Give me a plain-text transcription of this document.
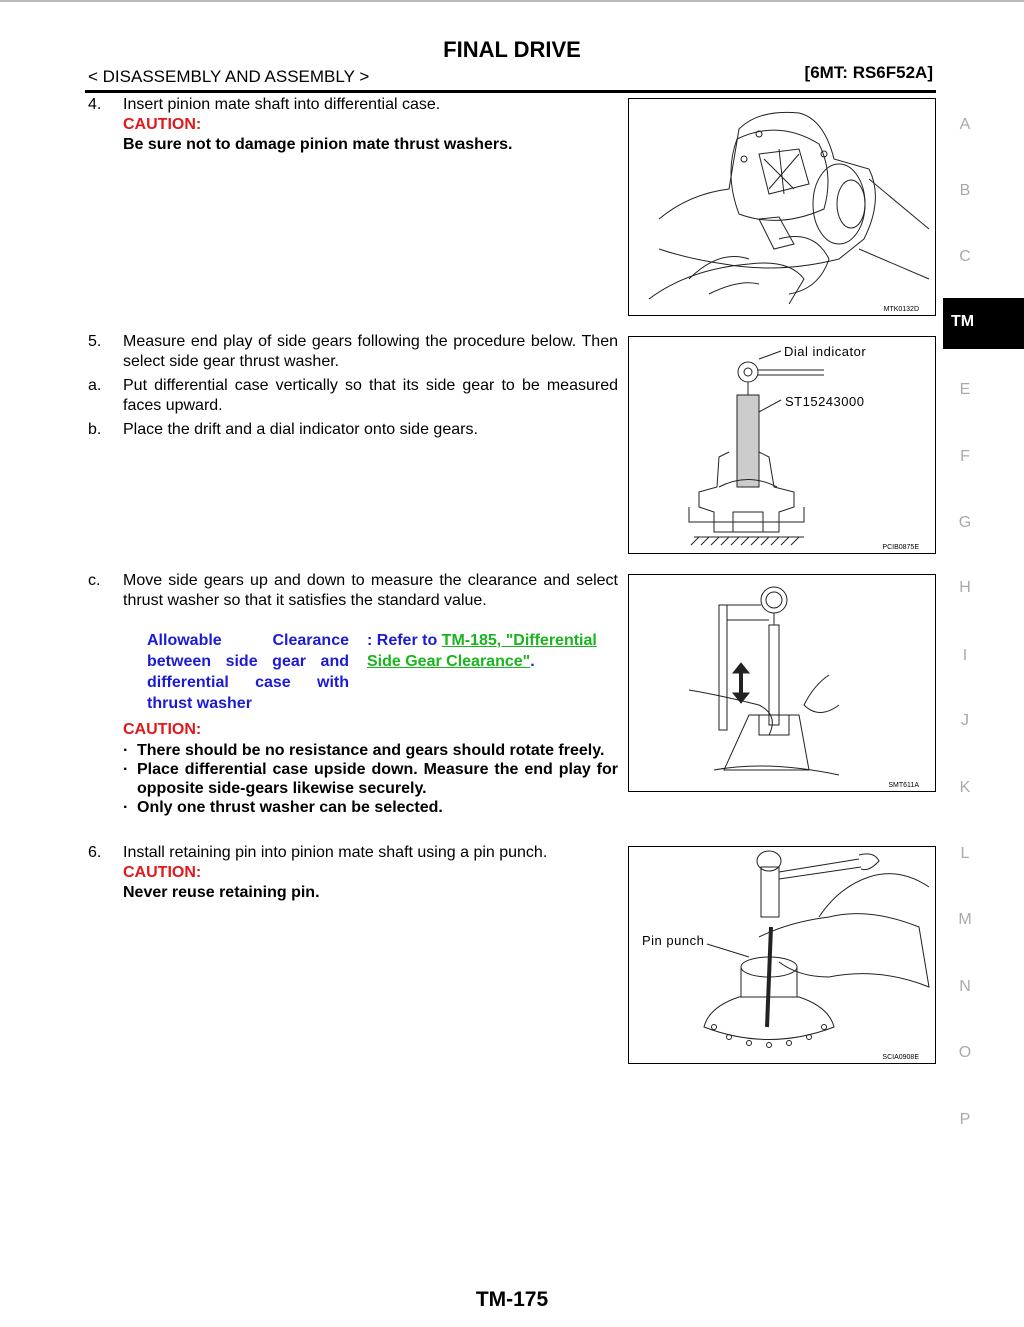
FINAL DRIVE
< DISASSEMBLY AND ASSEMBLY >	[6MT: RS6F52A]
4. Insert pinion mate shaft into differential case.
CAUTION:
Be sure not to damage pinion mate thrust washers.
5. Measure end play of side gears following the procedure below. Then select side gear thrust washer.
a. Put differential case vertically so that its side gear to be measured faces upward.
b. Place the drift and a dial indicator onto side gears.
c. Move side gears up and down to measure the clearance and select thrust washer so that it satisfies the standard value.
Allowable Clearance between side gear and differential case with thrust washer
: Refer to TM-185, "Differential Side Gear Clearance".
CAUTION:
· There should be no resistance and gears should rotate freely.
· Place differential case upside down. Measure the end play for opposite side-gears likewise securely.
· Only one thrust washer can be selected.
6. Install retaining pin into pinion mate shaft using a pin punch.
CAUTION:
Never reuse retaining pin.
MTK0132D
Dial indicator
ST15243000
PCIB0875E
SMT611A
Pin punch
SCIA0908E
A
B
C
TM
E
F
G
H
I
J
K
L
M
N
O
P
TM-175
